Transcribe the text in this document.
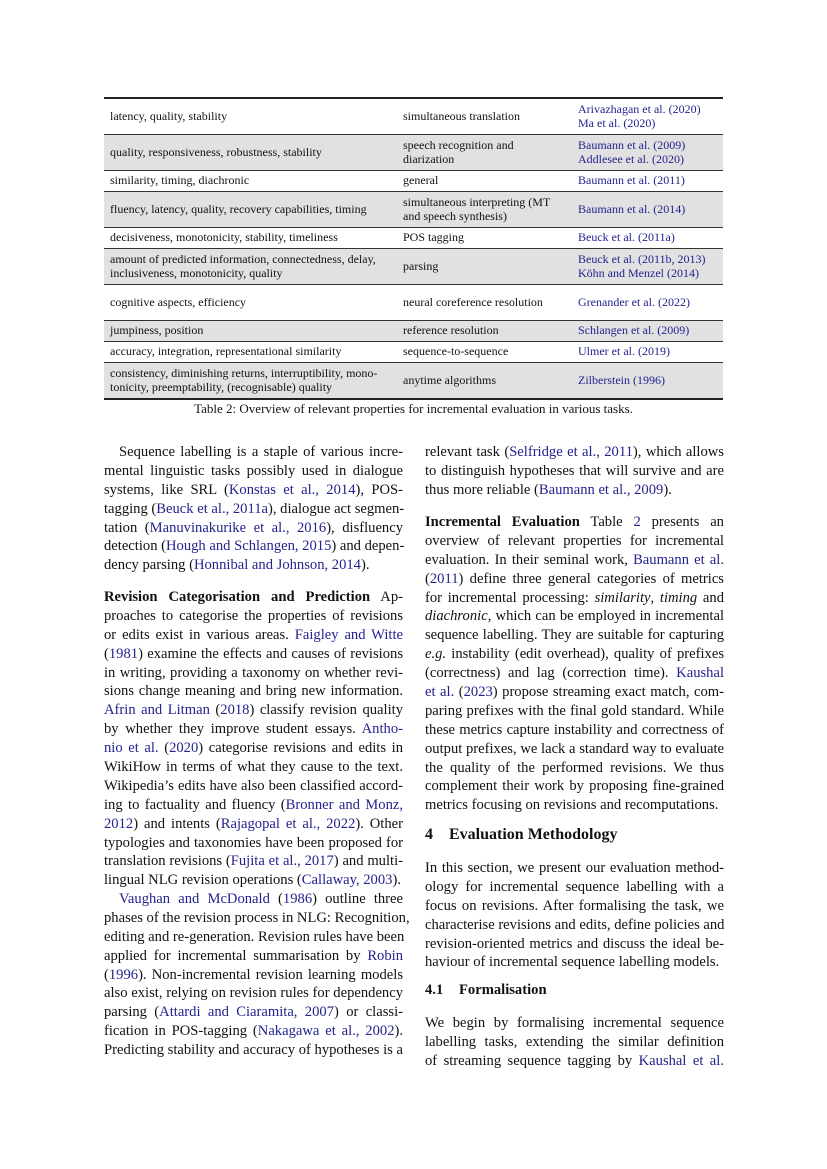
latency, quality, stability	simultaneous translation	Arivazhagan et al. (2020)
Ma et al. (2020)

quality, responsiveness, robustness, stability	speech recognition and diarization	Baumann et al. (2009)
Addlesee et al. (2020)

similarity, timing, diachronic	general	Baumann et al. (2011)

fluency, latency, quality, recovery capabilities, timing	simultaneous interpreting (MT and speech synthesis)	Baumann et al. (2014)

decisiveness, monotonicity, stability, timeliness	POS tagging	Beuck et al. (2011a)

amount of predicted information, connectedness, delay, inclusiveness, monotonicity, quality	parsing	Beuck et al. (2011b, 2013)
Köhn and Menzel (2014)

cognitive aspects, efficiency	neural coreference resolution	Grenander et al. (2022)

jumpiness, position	reference resolution	Schlangen et al. (2009)

accuracy, integration, representational similarity	sequence-to-sequence	Ulmer et al. (2019)

consistency, diminishing returns, interruptibility, mono-tonicity, preemptability, (recognisable) quality	anytime algorithms	Zilberstein (1996)
Table 2: Overview of relevant properties for incremental evaluation in various tasks.
Sequence labelling is a staple of various incre-
mental linguistic tasks possibly used in dialogue
systems, like SRL (Konstas et al., 2014), POS-
tagging (Beuck et al., 2011a), dialogue act segmen-
tation (Manuvinakurike et al., 2016), disfluency
detection (Hough and Schlangen, 2015) and depen-
dency parsing (Honnibal and Johnson, 2014).
Revision Categorisation and Prediction Ap-
proaches to categorise the properties of revisions
or edits exist in various areas. Faigley and Witte
(1981) examine the effects and causes of revisions
in writing, providing a taxonomy on whether revi-
sions change meaning and bring new information.
Afrin and Litman (2018) classify revision quality
by whether they improve student essays. Antho-
nio et al. (2020) categorise revisions and edits in
WikiHow in terms of what they cause to the text.
Wikipedia’s edits have also been classified accord-
ing to factuality and fluency (Bronner and Monz,
2012) and intents (Rajagopal et al., 2022). Other
typologies and taxonomies have been proposed for
translation revisions (Fujita et al., 2017) and multi-
lingual NLG revision operations (Callaway, 2003).
Vaughan and McDonald (1986) outline three
phases of the revision process in NLG: Recognition,
editing and re-generation. Revision rules have been
applied for incremental summarisation by Robin
(1996). Non-incremental revision learning models
also exist, relying on revision rules for dependency
parsing (Attardi and Ciaramita, 2007) or classi-
fication in POS-tagging (Nakagawa et al., 2002).
Predicting stability and accuracy of hypotheses is a
relevant task (Selfridge et al., 2011), which allows
to distinguish hypotheses that will survive and are
thus more reliable (Baumann et al., 2009).
Incremental Evaluation Table 2 presents an
overview of relevant properties for incremental
evaluation. In their seminal work, Baumann et al.
(2011) define three general categories of metrics
for incremental processing: similarity, timing and
diachronic, which can be employed in incremental
sequence labelling. They are suitable for capturing
e.g. instability (edit overhead), quality of prefixes
(correctness) and lag (correction time). Kaushal
et al. (2023) propose streaming exact match, com-
paring prefixes with the final gold standard. While
these metrics capture instability and correctness of
output prefixes, we lack a standard way to evaluate
the quality of the performed revisions. We thus
complement their work by proposing fine-grained
metrics focusing on revisions and recomputations.
4 Evaluation Methodology
In this section, we present our evaluation method-
ology for incremental sequence labelling with a
focus on revisions. After formalising the task, we
characterise revisions and edits, define policies and
revision-oriented metrics and discuss the ideal be-
haviour of incremental sequence labelling models.
4.1 Formalisation
We begin by formalising incremental sequence
labelling tasks, extending the similar definition
of streaming sequence tagging by Kaushal et al.
